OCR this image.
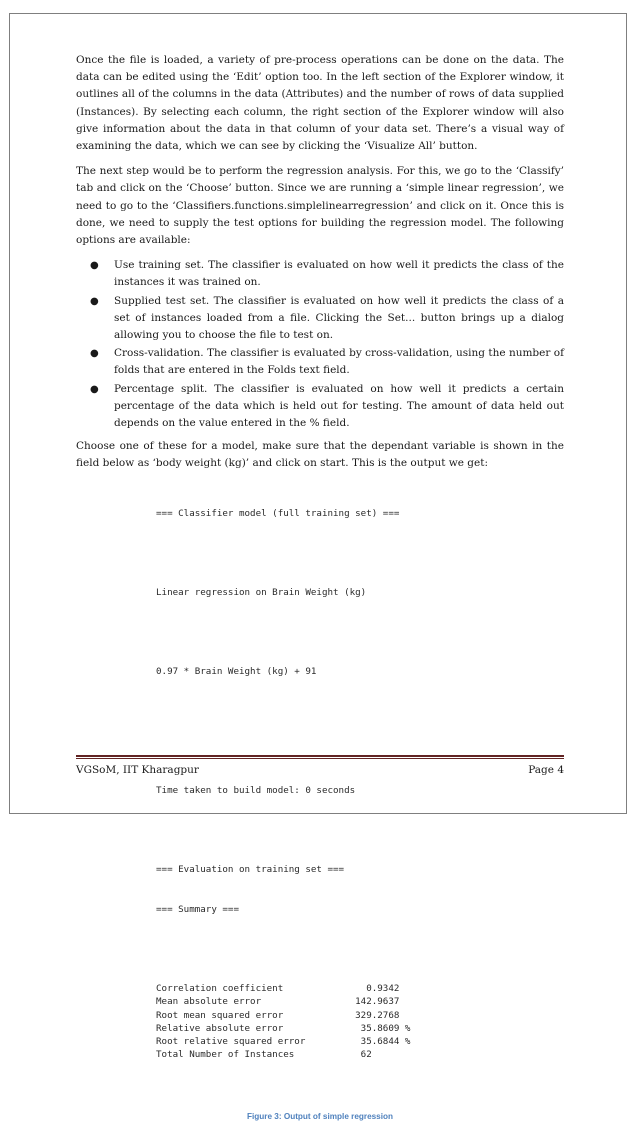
Once the file is loaded, a variety of pre-process operations can be done on the data. The data can be edited using the ‘Edit’ option too. In the left section of the Explorer window, it outlines all of the columns in the data (Attributes) and the number of rows of data supplied (Instances). By selecting each column, the right section of the Explorer window will also give information about the data in that column of your data set. There’s a visual way of examining the data, which we can see by clicking the ‘Visualize All’ button.

The next step would be to perform the regression analysis. For this, we go to the ‘Classify’ tab and click on the ‘Choose’ button. Since we are running a ‘simple linear regression’, we need to go to the ‘Classifiers.functions.simplelinearregression’ and click on it. Once this is done, we need to supply the test options for building the regression model. The following options are available:

● Use training set. The classifier is evaluated on how well it predicts the class of the instances it was trained on.
● Supplied test set. The classifier is evaluated on how well it predicts the class of a set of instances loaded from a file. Clicking the Set... button brings up a dialog allowing you to choose the file to test on.
● Cross-validation. The classifier is evaluated by cross-validation, using the number of folds that are entered in the Folds text field.
● Percentage split. The classifier is evaluated on how well it predicts a certain percentage of the data which is held out for testing. The amount of data held out depends on the value entered in the % field.

Choose one of these for a model, make sure that the dependant variable is shown in the field below as ‘body weight (kg)’ and click on start. This is the output we get:

=== Classifier model (full training set) ===

Linear regression on Brain Weight (kg)

0.97 * Brain Weight (kg) + 91

Time taken to build model: 0 seconds

=== Evaluation on training set ===

=== Summary ===

Correlation coefficient               0.9342
Mean absolute error                 142.9637
Root mean squared error             329.2768
Relative absolute error              35.8609 %
Root relative squared error          35.6844 %
Total Number of Instances            62

Figure 3: Output of simple regression
VGSoM, IIT Kharagpur	Page 4
